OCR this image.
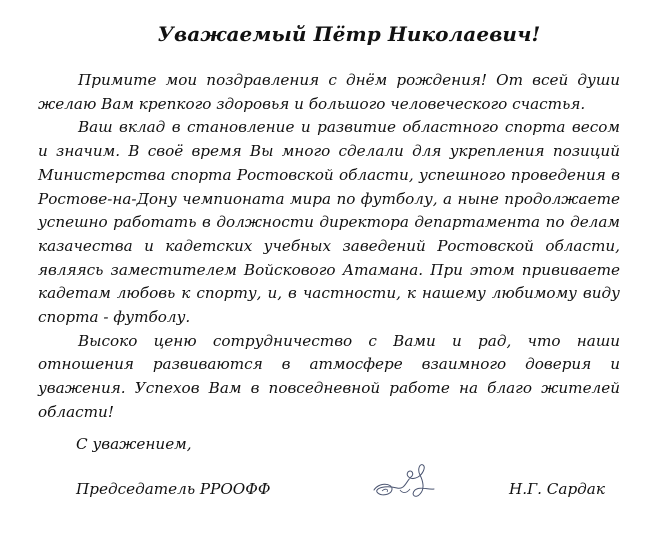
Уважаемый Пётр Николаевич!

Примите мои поздравления с днём рождения! От всей души желаю Вам крепкого здоровья и большого человеческого счастья.

Ваш вклад в становление и развитие областного спорта весом и значим. В своё время Вы много сделали для укрепления позиций Министерства спорта Ростовской области, успешного проведения в Ростове-на-Дону чемпионата мира по футболу, а ныне продолжаете успешно работать в должности директора департамента по делам казачества и кадетских учебных заведений Ростовской области, являясь заместителем Войскового Атамана. При этом прививаете кадетам любовь к спорту, и, в частности, к нашему любимому виду спорта - футболу.

Высоко ценю сотрудничество с Вами и рад, что наши отношения развиваются в атмосфере взаимного доверия и уважения. Успехов Вам в повседневной работе на благо жителей области!

С уважением,
Председатель РРООФФ	Н.Г. Сардак
